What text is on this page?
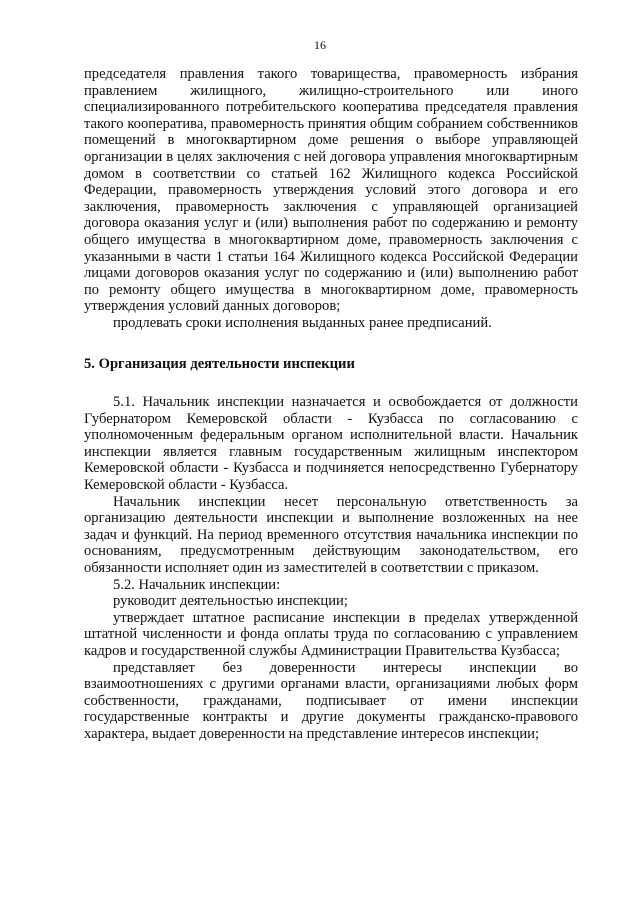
16

председателя правления такого товарищества, правомерность избрания правлением жилищного, жилищно-строительного или иного специализированного потребительского кооператива председателя правления такого кооператива, правомерность принятия общим собранием собственников помещений в многоквартирном доме решения о выборе управляющей организации в целях заключения с ней договора управления многоквартирным домом в соответствии со статьей 162 Жилищного кодекса Российской Федерации, правомерность утверждения условий этого договора и его заключения, правомерность заключения с управляющей организацией договора оказания услуг и (или) выполнения работ по содержанию и ремонту общего имущества в многоквартирном доме, правомерность заключения с указанными в части 1 статьи 164 Жилищного кодекса Российской Федерации лицами договоров оказания услуг по содержанию и (или) выполнению работ по ремонту общего имущества в многоквартирном доме, правомерность утверждения условий данных договоров;

продлевать сроки исполнения выданных ранее предписаний.

5. Организация деятельности инспекции

5.1. Начальник инспекции назначается и освобождается от должности Губернатором Кемеровской области - Кузбасса по согласованию с уполномоченным федеральным органом исполнительной власти. Начальник инспекции является главным государственным жилищным инспектором Кемеровской области - Кузбасса и подчиняется непосредственно Губернатору Кемеровской области - Кузбасса.

Начальник инспекции несет персональную ответственность за организацию деятельности инспекции и выполнение возложенных на нее задач и функций. На период временного отсутствия начальника инспекции по основаниям, предусмотренным действующим законодательством, его обязанности исполняет один из заместителей в соответствии с приказом.

5.2. Начальник инспекции:

руководит деятельностью инспекции;

утверждает штатное расписание инспекции в пределах утвержденной штатной численности и фонда оплаты труда по согласованию с управлением кадров и государственной службы Администрации Правительства Кузбасса;

представляет без доверенности интересы инспекции во взаимоотношениях с другими органами власти, организациями любых форм собственности, гражданами, подписывает от имени инспекции государственные контракты и другие документы гражданско-правового характера, выдает доверенности на представление интересов инспекции;
